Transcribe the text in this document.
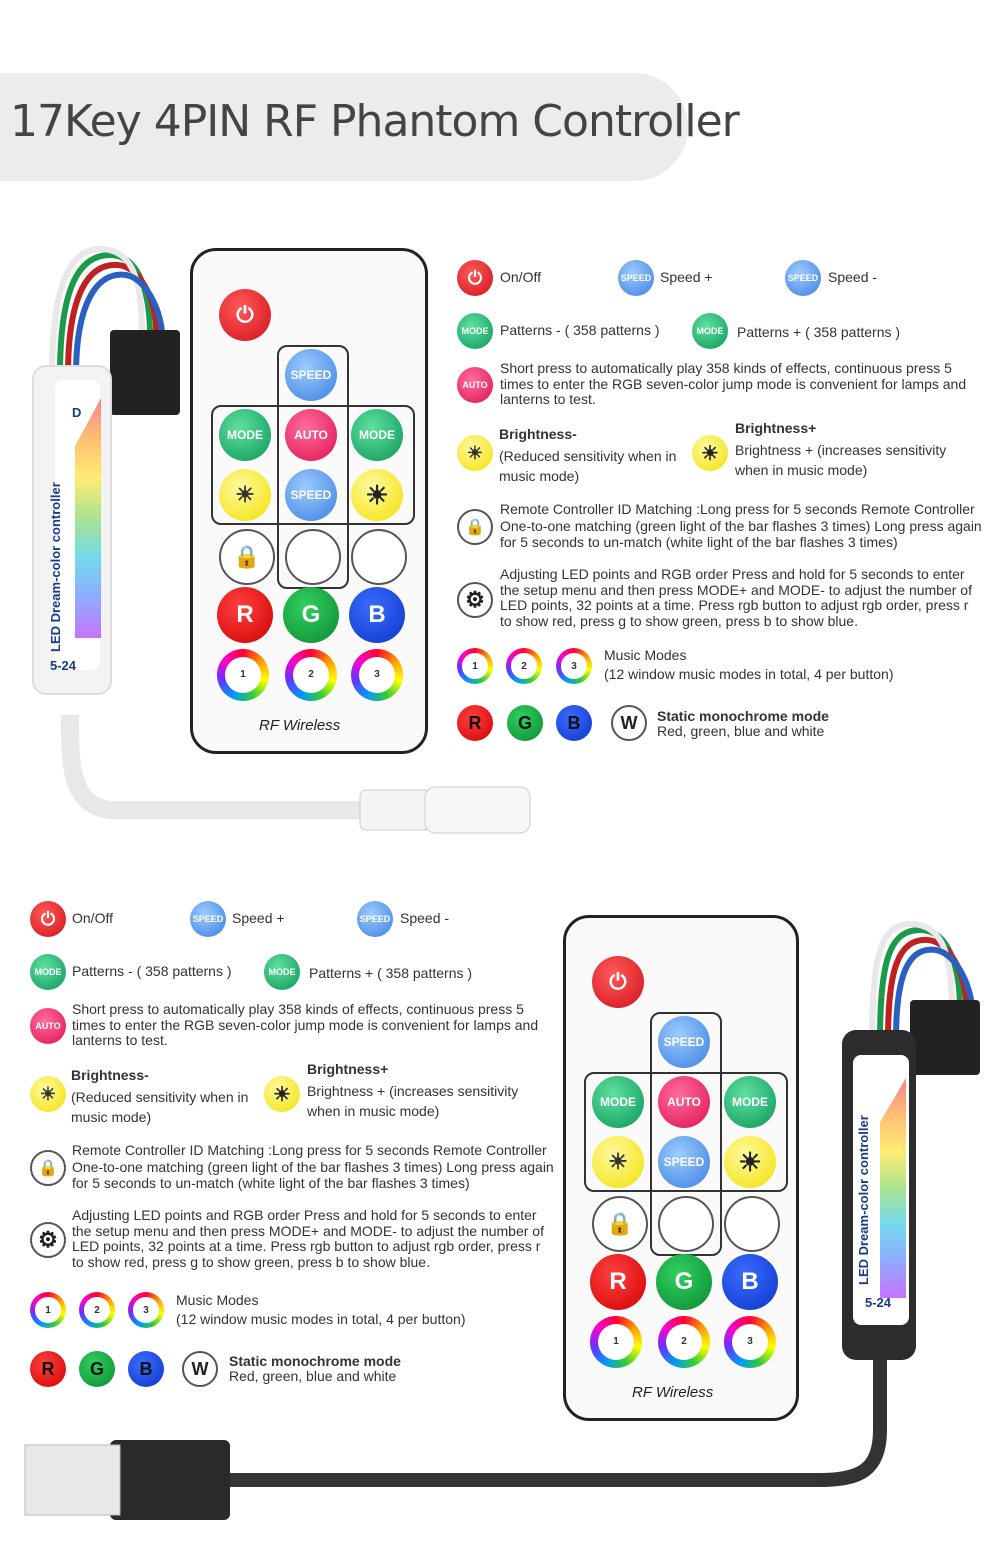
17Key 4PIN RF Phantom Controller
LED Dream-color controller
5-24
D
⏻
SPEED
MODE	AUTO	MODE
☀	SPEED	☀
🔒	W	⚙
R G B
1	2	3
RF Wireless
⏻	On/Off	SPEED Speed +	SPEED Speed -
MODE Patterns - ( 358 patterns )	MODE Patterns + ( 358 patterns )
AUTO
Short press to automatically play 358 kinds of effects, continuous press 5 times to enter the RGB seven-color jump mode is convenient for lamps and lanterns to test.
☀
Brightness-
(Reduced sensitivity when in music mode)
☀
Brightness+
Brightness + (increases sensitivity when in music mode)
🔒
Remote Controller ID Matching :Long press for 5 seconds Remote Controller One-to-one matching (green light of the bar flashes 3 times) Long press again for 5 seconds to un-match (white light of the bar flashes 3 times)
⚙
Adjusting LED points and RGB order Press and hold for 5 seconds to enter the setup menu and then press MODE+ and MODE- to adjust the number of LED points, 32 points at a time. Press rgb button to adjust rgb order, press r to show red, press g to show green, press b to show blue.
1	2	3
Music Modes
(12 window music modes in total, 4 per button)
R G B W Static monochrome mode
Red, green, blue and white
LED Dream-color controller
5-24
⏻
SPEED
MODE	AUTO	MODE
☀	SPEED	☀
🔒	W	⚙
R G B
1	2	3
RF Wireless
⏻	On/Off	SPEED Speed +	SPEED Speed -
MODE Patterns - ( 358 patterns )	MODE Patterns + ( 358 patterns )
AUTO
Short press to automatically play 358 kinds of effects, continuous press 5 times to enter the RGB seven-color jump mode is convenient for lamps and lanterns to test.
☀
Brightness-
(Reduced sensitivity when in music mode)
☀
Brightness+
Brightness + (increases sensitivity when in music mode)
🔒
Remote Controller ID Matching :Long press for 5 seconds Remote Controller One-to-one matching (green light of the bar flashes 3 times) Long press again for 5 seconds to un-match (white light of the bar flashes 3 times)
⚙
Adjusting LED points and RGB order Press and hold for 5 seconds to enter the setup menu and then press MODE+ and MODE- to adjust the number of LED points, 32 points at a time. Press rgb button to adjust rgb order, press r to show red, press g to show green, press b to show blue.
1	2	3
Music Modes
(12 window music modes in total, 4 per button)
R G B W Static monochrome mode
Red, green, blue and white
